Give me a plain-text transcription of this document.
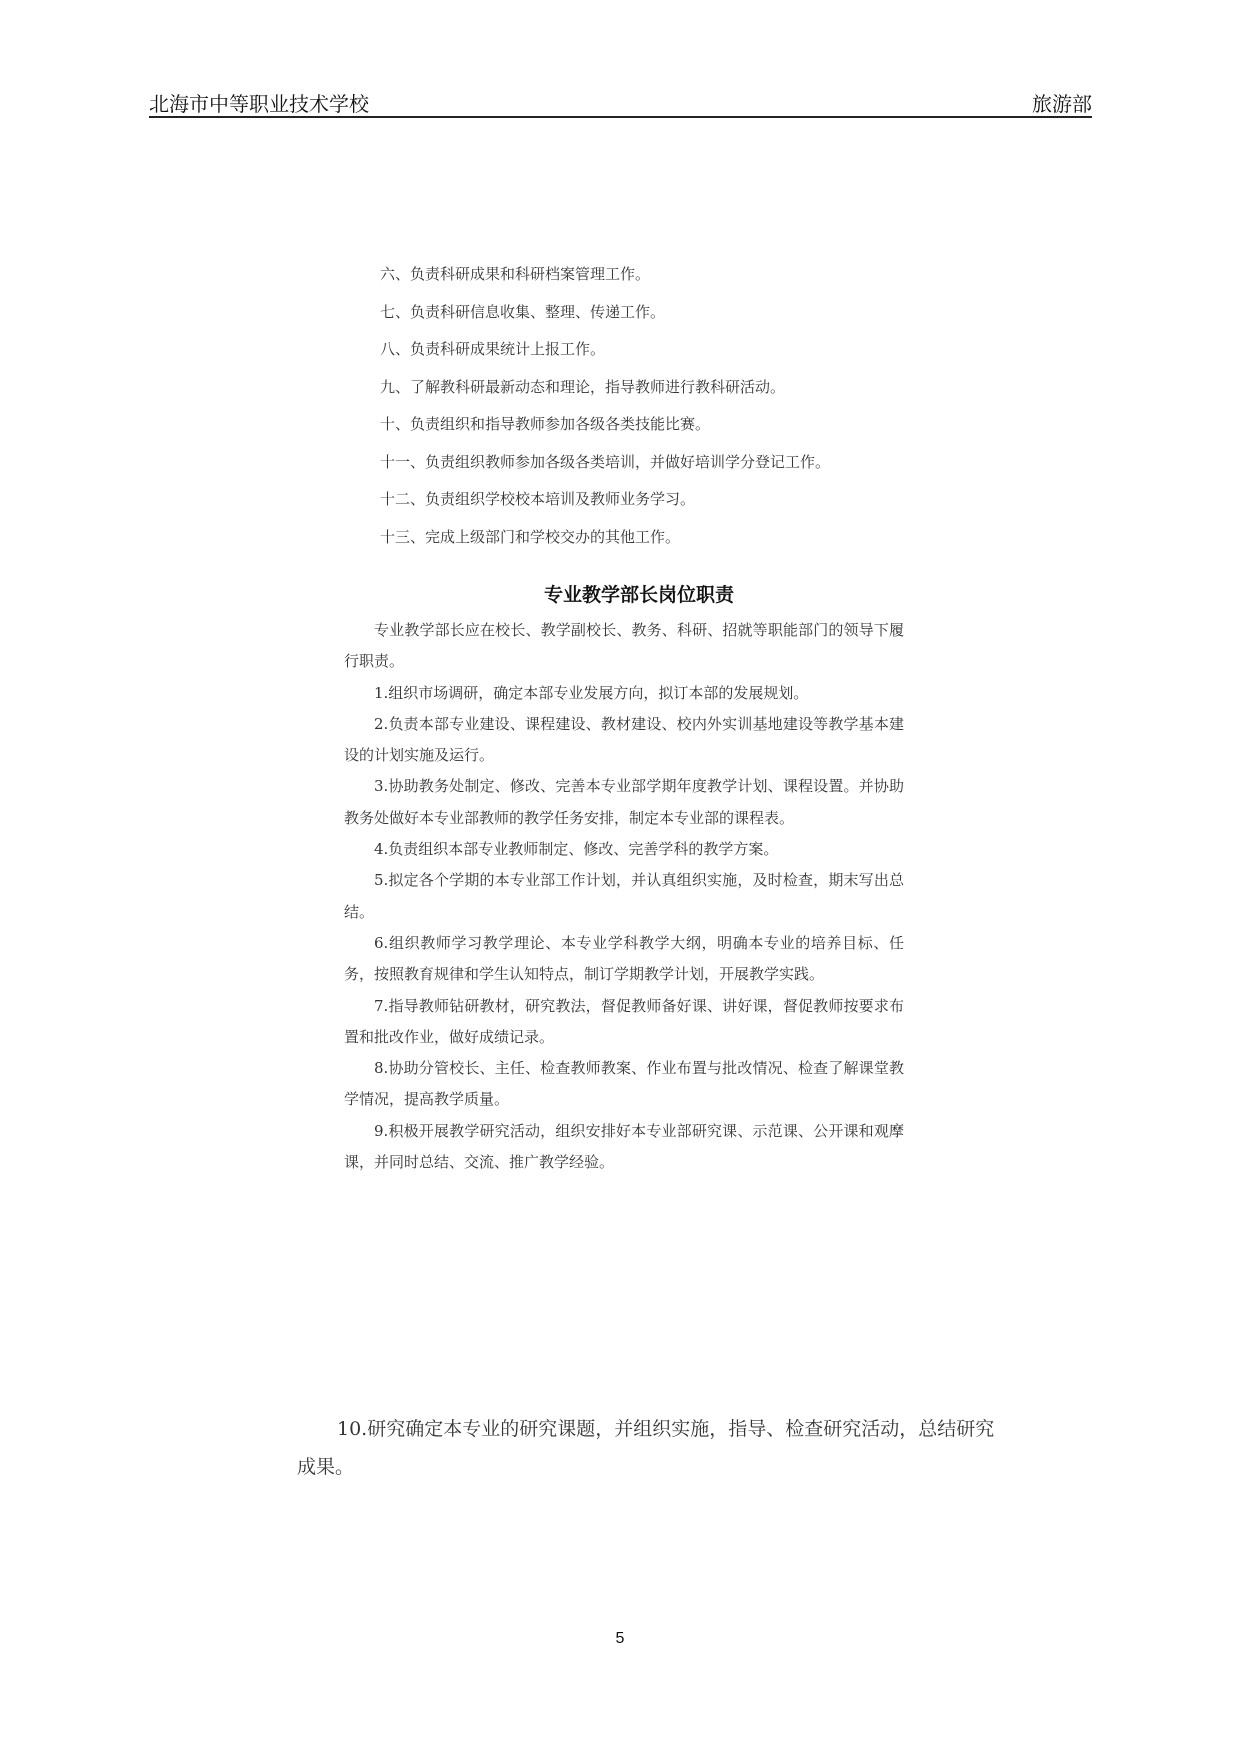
北海市中等职业技术学校	旅游部
六、负责科研成果和科研档案管理工作。
七、负责科研信息收集、整理、传递工作。
八、负责科研成果统计上报工作。
九、了解教科研最新动态和理论，指导教师进行教科研活动。
十、负责组织和指导教师参加各级各类技能比赛。
十一、负责组织教师参加各级各类培训，并做好培训学分登记工作。
十二、负责组织学校校本培训及教师业务学习。
十三、完成上级部门和学校交办的其他工作。
专业教学部长岗位职责

专业教学部长应在校长、教学副校长、教务、科研、招就等职能部门的领导下履行职责。

1.组织市场调研，确定本部专业发展方向，拟订本部的发展规划。

2.负责本部专业建设、课程建设、教材建设、校内外实训基地建设等教学基本建设的计划实施及运行。

3.协助教务处制定、修改、完善本专业部学期年度教学计划、课程设置。并协助教务处做好本专业部教师的教学任务安排，制定本专业部的课程表。

4.负责组织本部专业教师制定、修改、完善学科的教学方案。

5.拟定各个学期的本专业部工作计划，并认真组织实施，及时检查，期末写出总结。

6.组织教师学习教学理论、本专业学科教学大纲，明确本专业的培养目标、任务，按照教育规律和学生认知特点，制订学期教学计划，开展教学实践。

7.指导教师钻研教材，研究教法，督促教师备好课、讲好课，督促教师按要求布置和批改作业，做好成绩记录。

8.协助分管校长、主任、检查教师教案、作业布置与批改情况、检查了解课堂教学情况，提高教学质量。

9.积极开展教学研究活动，组织安排好本专业部研究课、示范课、公开课和观摩课，并同时总结、交流、推广教学经验。

10.研究确定本专业的研究课题，并组织实施，指导、检查研究活动，总结研究成果。

5
